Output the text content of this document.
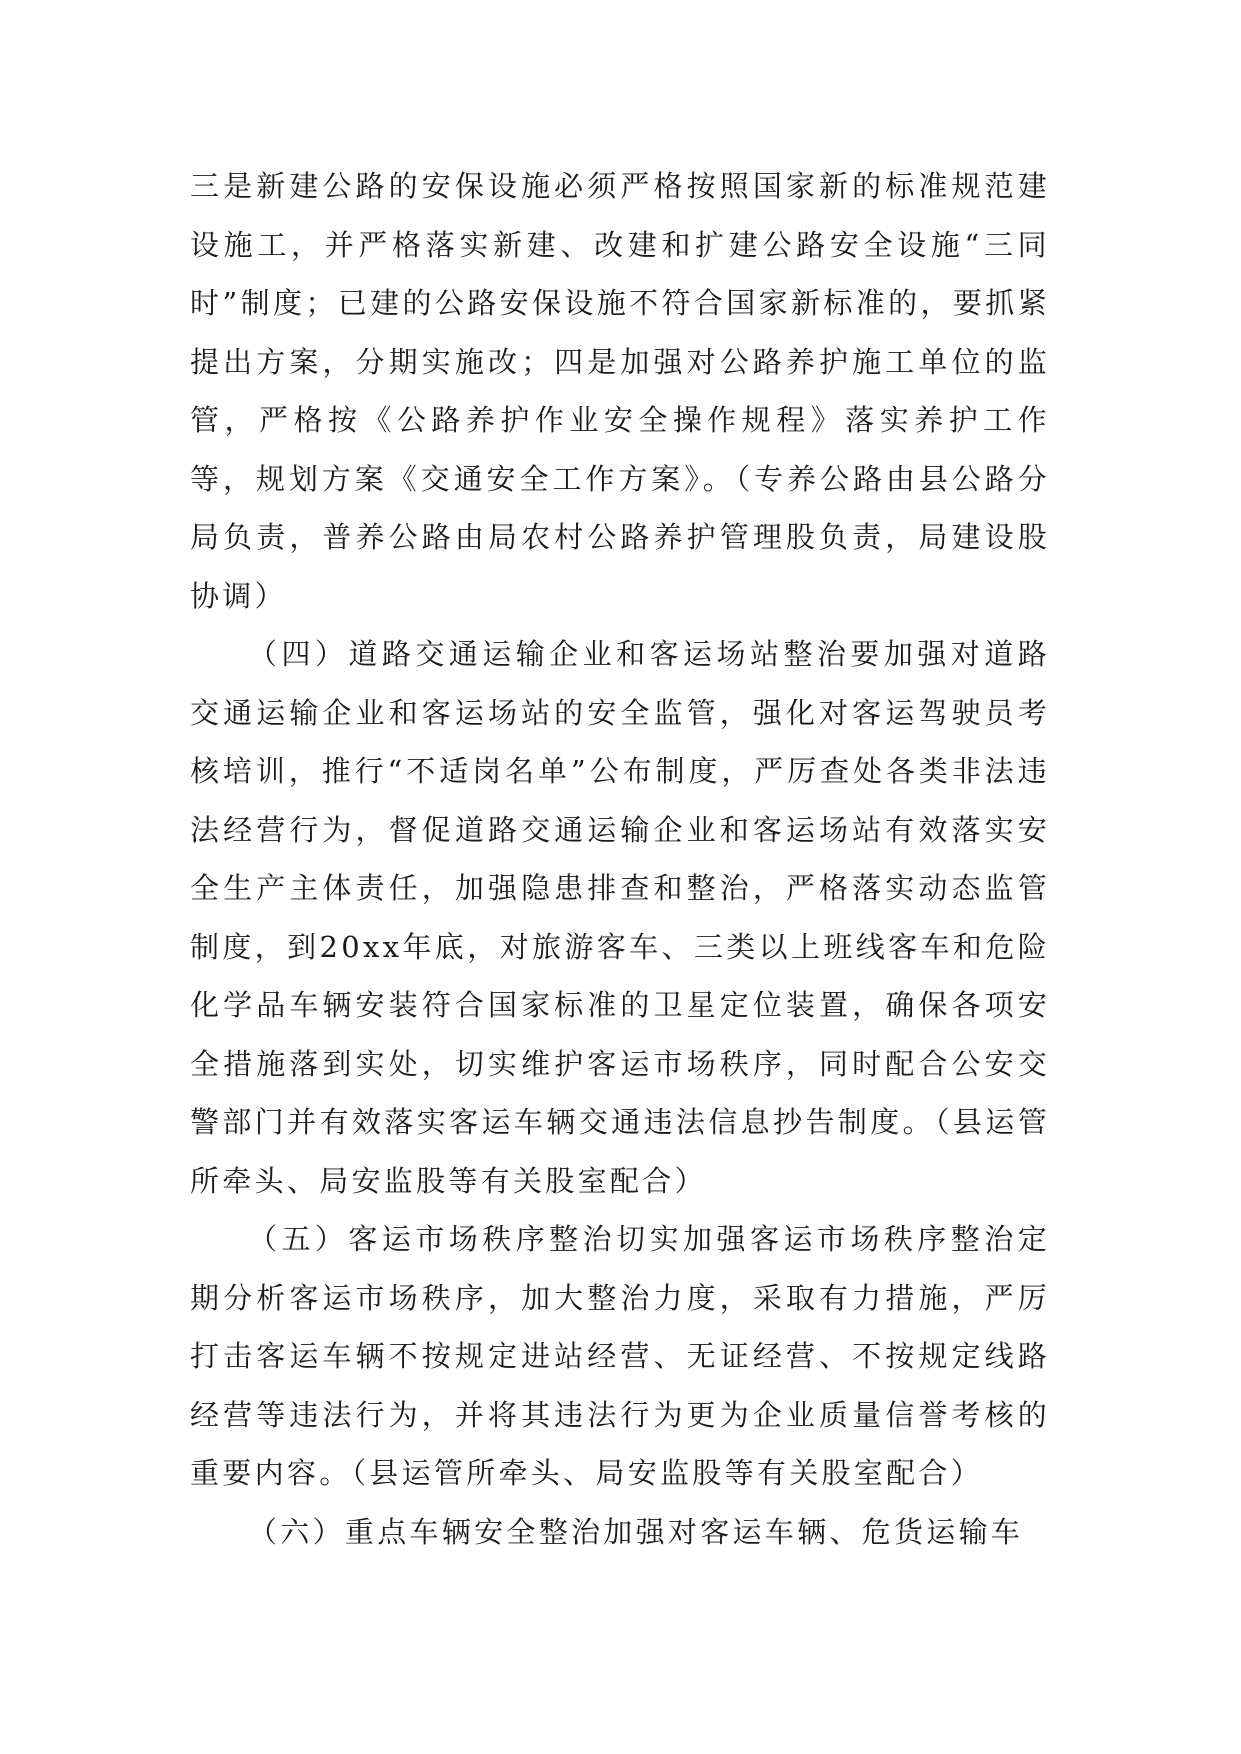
三是新建公路的安保设施必须严格按照国家新的标准规范建设施工，并严格落实新建、改建和扩建公路安全设施“三同时”制度；已建的公路安保设施不符合国家新标准的，要抓紧提出方案，分期实施改；四是加强对公路养护施工单位的监管，严格按《公路养护作业安全操作规程》落实养护工作等，规划方案《交通安全工作方案》。（专养公路由县公路分局负责，普养公路由局农村公路养护管理股负责，局建设股协调）

（四）道路交通运输企业和客运场站整治要加强对道路交通运输企业和客运场站的安全监管，强化对客运驾驶员考核培训，推行“不适岗名单”公布制度，严厉查处各类非法违法经营行为，督促道路交通运输企业和客运场站有效落实安全生产主体责任，加强隐患排查和整治，严格落实动态监管制度，到20xx年底，对旅游客车、三类以上班线客车和危险化学品车辆安装符合国家标准的卫星定位装置，确保各项安全措施落到实处，切实维护客运市场秩序，同时配合公安交警部门并有效落实客运车辆交通违法信息抄告制度。（县运管所牵头、局安监股等有关股室配合）

（五）客运市场秩序整治切实加强客运市场秩序整治定期分析客运市场秩序，加大整治力度，采取有力措施，严厉打击客运车辆不按规定进站经营、无证经营、不按规定线路经营等违法行为，并将其违法行为更为企业质量信誉考核的重要内容。（县运管所牵头、局安监股等有关股室配合）

（六）重点车辆安全整治加强对客运车辆、危货运输车
